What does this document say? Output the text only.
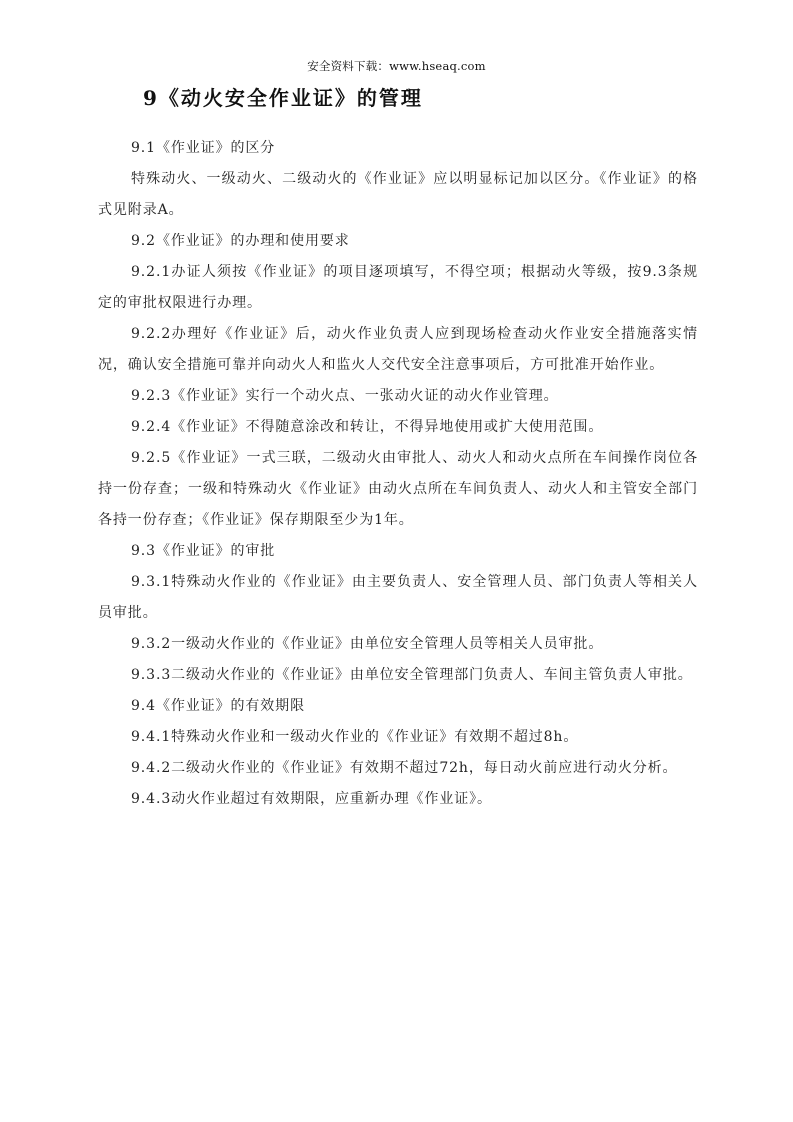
安全资料下载：www.hseaq.com
9《动火安全作业证》的管理

9.1《作业证》的区分

特殊动火、一级动火、二级动火的《作业证》应以明显标记加以区分。《作业证》的格式见附录A。

9.2《作业证》的办理和使用要求

9.2.1办证人须按《作业证》的项目逐项填写，不得空项；根据动火等级，按9.3条规定的审批权限进行办理。

9.2.2办理好《作业证》后，动火作业负责人应到现场检查动火作业安全措施落实情况，确认安全措施可靠并向动火人和监火人交代安全注意事项后，方可批准开始作业。

9.2.3《作业证》实行一个动火点、一张动火证的动火作业管理。

9.2.4《作业证》不得随意涂改和转让，不得异地使用或扩大使用范围。

9.2.5《作业证》一式三联，二级动火由审批人、动火人和动火点所在车间操作岗位各持一份存查；一级和特殊动火《作业证》由动火点所在车间负责人、动火人和主管安全部门各持一份存查；《作业证》保存期限至少为1年。

9.3《作业证》的审批

9.3.1特殊动火作业的《作业证》由主要负责人、安全管理人员、部门负责人等相关人员审批。

9.3.2一级动火作业的《作业证》由单位安全管理人员等相关人员审批。

9.3.3二级动火作业的《作业证》由单位安全管理部门负责人、车间主管负责人审批。

9.4《作业证》的有效期限

9.4.1特殊动火作业和一级动火作业的《作业证》有效期不超过8h。

9.4.2二级动火作业的《作业证》有效期不超过72h，每日动火前应进行动火分析。

9.4.3动火作业超过有效期限，应重新办理《作业证》。
